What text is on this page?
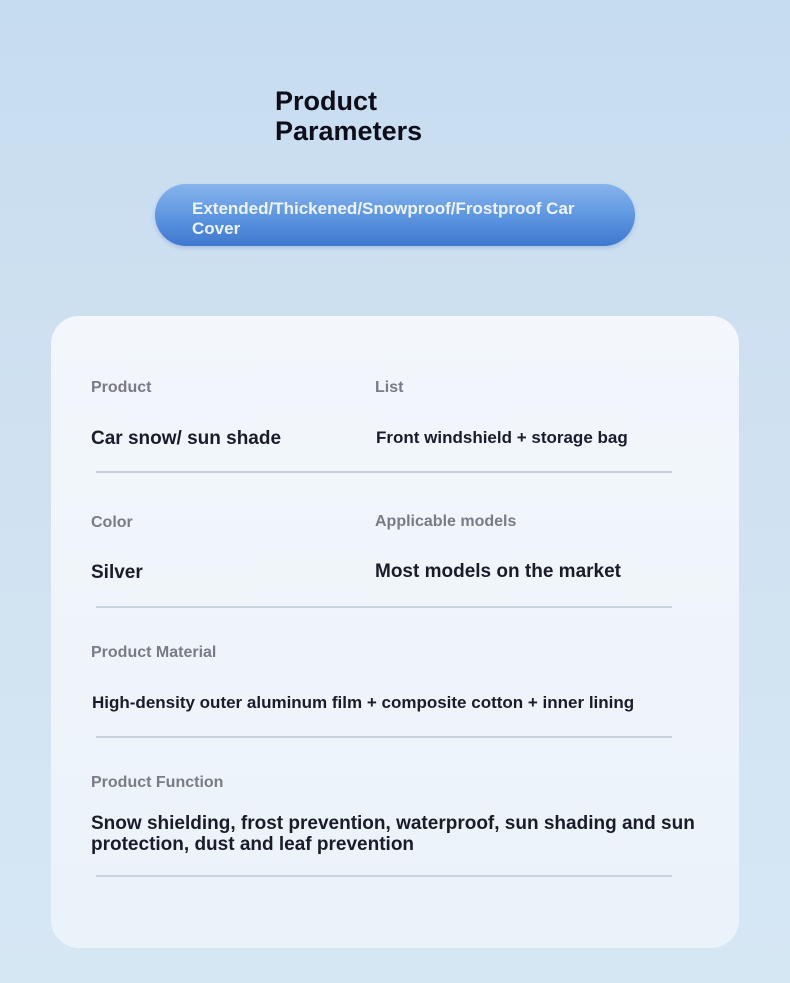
Product Parameters
Extended/Thickened/Snowproof/Frostproof Car Cover
Product	List
Car snow/ sun shade	Front windshield + storage bag
Color	Applicable models
Silver	Most models on the market
Product Material
High-density outer aluminum film + composite cotton + inner lining
Product Function
Snow shielding, frost prevention, waterproof, sun shading and sun protection, dust and leaf prevention
